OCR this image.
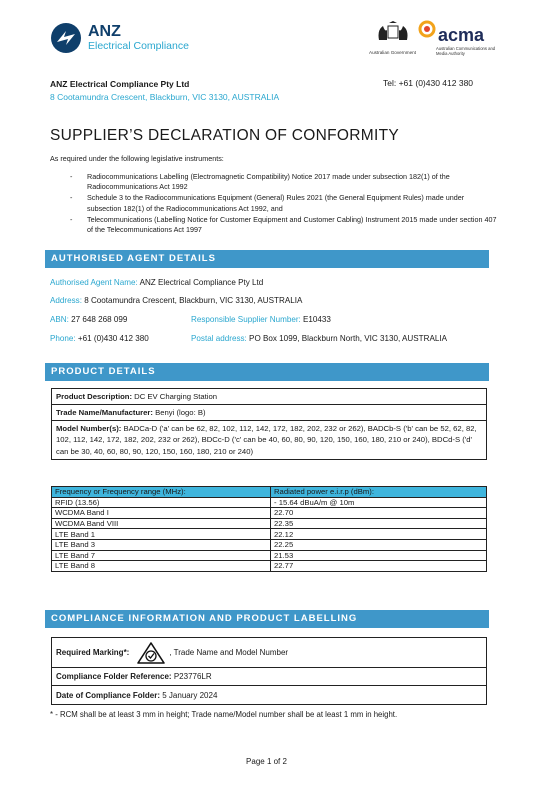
ANZ
Electrical Compliance
Australian Government
acma
Australian Communications and Media Authority
ANZ Electrical Compliance Pty Ltd
8 Cootamundra Crescent, Blackburn, VIC 3130, AUSTRALIA
Tel: +61 (0)430 412 380
SUPPLIER’S DECLARATION OF CONFORMITY
As required under the following legislative instruments:
- Radiocommunications Labelling (Electromagnetic Compatibility) Notice 2017 made under subsection 182(1) of the Radiocommunications Act 1992
- Schedule 3 to the Radiocommunications Equipment (General) Rules 2021 (the General Equipment Rules) made under subsection 182(1) of the Radiocommunications Act 1992, and
- Telecommunications (Labelling Notice for Customer Equipment and Customer Cabling) Instrument 2015 made under section 407 of the Telecommunications Act 1997
AUTHORISED AGENT DETAILS
Authorised Agent Name: ANZ Electrical Compliance Pty Ltd
Address: 8 Cootamundra Crescent, Blackburn, VIC 3130, AUSTRALIA
ABN: 27 648 268 099	Responsible Supplier Number: E10433
Phone: +61 (0)430 412 380	Postal address: PO Box 1099, Blackburn North, VIC 3130, AUSTRALIA
PRODUCT DETAILS
Product Description: DC EV Charging Station
Trade Name/Manufacturer: Benyi (logo: B)
Model Number(s): BADCa-D ('a' can be 62, 82, 102, 112, 142, 172, 182, 202, 232 or 262), BADCb-S ('b' can be 52, 62, 82, 102, 112, 142, 172, 182, 202, 232 or 262), BDCc-D ('c' can be 40, 60, 80, 90, 120, 150, 160, 180, 210 or 240), BDCd-S ('d' can be 30, 40, 60, 80, 90, 120, 150, 160, 180, 210 or 240)
Frequency or Frequency range (MHz):	Radiated power e.i.r.p (dBm):
RFID (13.56)	- 15.64 dBuA/m @ 10m
WCDMA Band I	22.70
WCDMA Band VIII	22.35
LTE Band 1	22.12
LTE Band 3	22.25
LTE Band 7	21.53
LTE Band 8	22.77
COMPLIANCE INFORMATION AND PRODUCT LABELLING
Required Marking*:	, Trade Name and Model Number
Compliance Folder Reference:
P23776LR
Date of Compliance Folder:
5 January 2024
* - RCM shall be at least 3 mm in height; Trade name/Model number shall be at least 1 mm in height.
Page 1 of 2
